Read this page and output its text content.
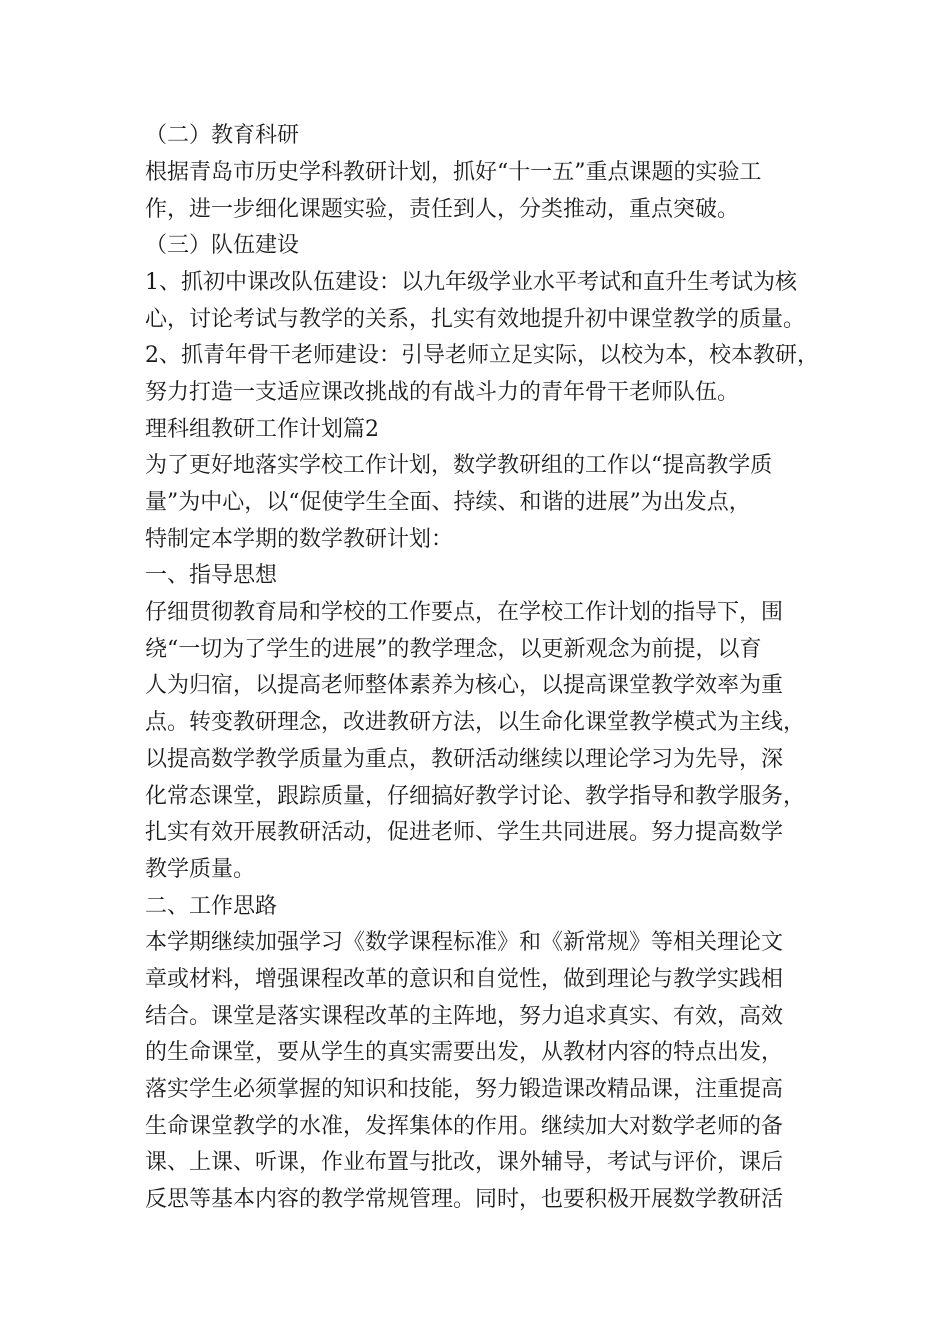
（二）教育科研

根据青岛市历史学科教研计划，抓好“十一五”重点课题的实验工

作，进一步细化课题实验，责任到人，分类推动，重点突破。

（三）队伍建设

1、抓初中课改队伍建设：以九年级学业水平考试和直升生考试为核

心，讨论考试与教学的关系，扎实有效地提升初中课堂教学的质量。

2、抓青年骨干老师建设：引导老师立足实际，以校为本，校本教研，

努力打造一支适应课改挑战的有战斗力的青年骨干老师队伍。

理科组教研工作计划篇2

为了更好地落实学校工作计划，数学教研组的工作以“提高教学质

量”为中心，以“促使学生全面、持续、和谐的进展”为出发点，

特制定本学期的数学教研计划：

一、指导思想

仔细贯彻教育局和学校的工作要点，在学校工作计划的指导下，围

绕“一切为了学生的进展”的教学理念，以更新观念为前提，以育

人为归宿，以提高老师整体素养为核心，以提高课堂教学效率为重

点。转变教研理念，改进教研方法，以生命化课堂教学模式为主线，

以提高数学教学质量为重点，教研活动继续以理论学习为先导，深

化常态课堂，跟踪质量，仔细搞好教学讨论、教学指导和教学服务，

扎实有效开展教研活动，促进老师、学生共同进展。努力提高数学

教学质量。

二、工作思路

本学期继续加强学习《数学课程标准》和《新常规》等相关理论文

章或材料，增强课程改革的意识和自觉性，做到理论与教学实践相

结合。课堂是落实课程改革的主阵地，努力追求真实、有效，高效

的生命课堂，要从学生的真实需要出发，从教材内容的特点出发，

落实学生必须掌握的知识和技能，努力锻造课改精品课，注重提高

生命课堂教学的水准，发挥集体的作用。继续加大对数学老师的备

课、上课、听课，作业布置与批改，课外辅导，考试与评价，课后

反思等基本内容的教学常规管理。同时，也要积极开展数学教研活
